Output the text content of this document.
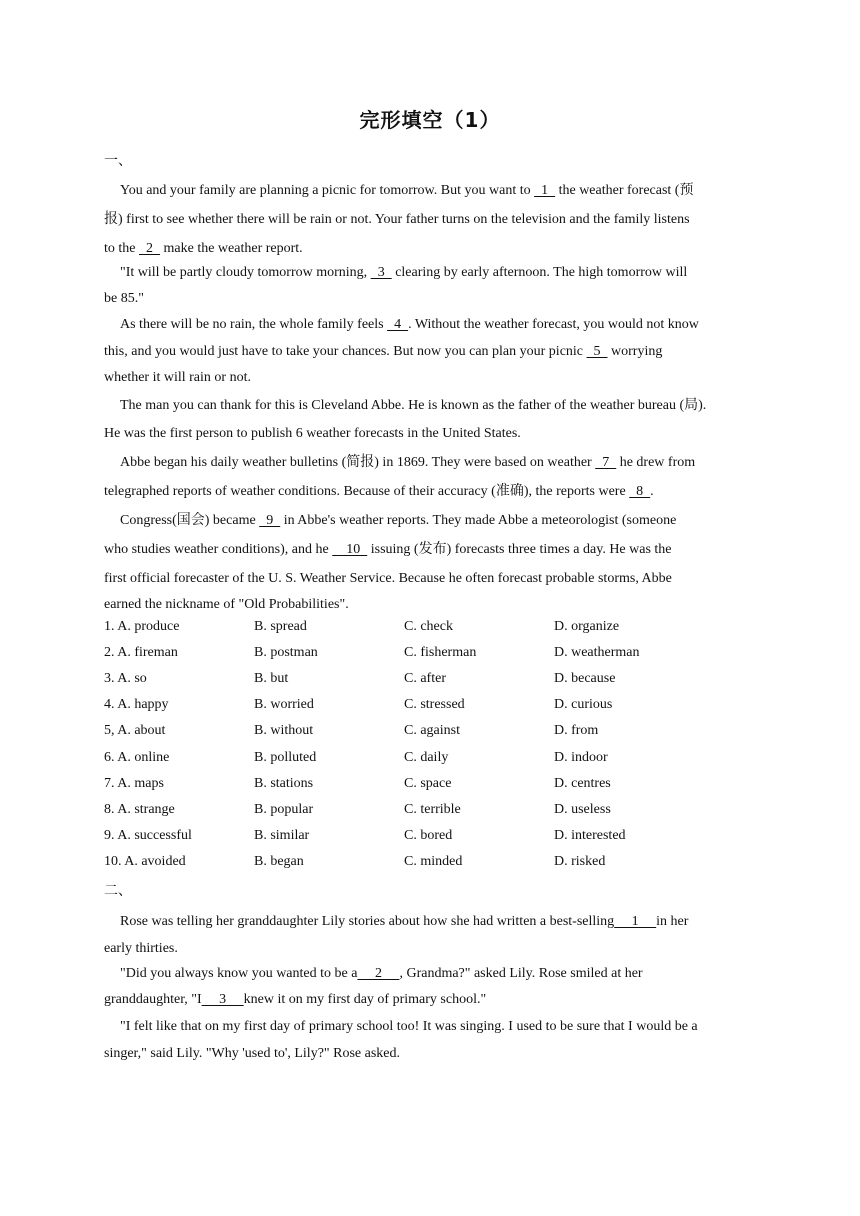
完形填空（1）
一、
You and your family are planning a picnic for tomorrow. But you want to   1   the weather forecast (预
报) first to see whether there will be rain or not. Your father turns on the television and the family listens
to the   2   make the weather report.
"It will be partly cloudy tomorrow morning,   3   clearing by early afternoon. The high tomorrow will
be 85."
As there will be no rain, the whole family feels   4  . Without the weather forecast, you would not know
this, and you would just have to take your chances. But now you can plan your picnic   5   worrying
whether it will rain or not.
The man you can thank for this is Cleveland Abbe. He is known as the father of the weather bureau (局).
He was the first person to publish 6 weather forecasts in the United States.
Abbe began his daily weather bulletins (简报) in 1869. They were based on weather   7   he drew from
telegraphed reports of weather conditions. Because of their accuracy (准确), the reports were   8  .
Congress(国会) became   9   in Abbe's weather reports. They made Abbe a meteorologist (someone
who studies weather conditions), and he     10   issuing (发布) forecasts three times a day. He was the
first official forecaster of the U. S. Weather Service. Because he often forecast probable storms, Abbe
earned the nickname of "Old Probabilities".
1. A. produce	B. spread	C. check	D. organize
2. A. fireman	B. postman	C. fisherman	D. weatherman
3. A. so	B. but	C. after	D. because
4. A. happy	B. worried	C. stressed	D. curious
5, A. about	B. without	C. against	D. from
6. A. online	B. polluted	C. daily	D. indoor
7. A. maps	B. stations	C. space	D. centres
8. A. strange	B. popular	C. terrible	D. useless
9. A. successful	B. similar	C. bored	D. interested
10. A. avoided	B. began	C. minded	D. risked
二、
Rose was telling her granddaughter Lily stories about how she had written a best-selling     1     in her
early thirties.
"Did you always know you wanted to be a     2     , Grandma?" asked Lily. Rose smiled at her
granddaughter, "I     3     knew it on my first day of primary school."
"I felt like that on my first day of primary school too! It was singing. I used to be sure that I would be a
singer," said Lily. "Why 'used to', Lily?" Rose asked.
